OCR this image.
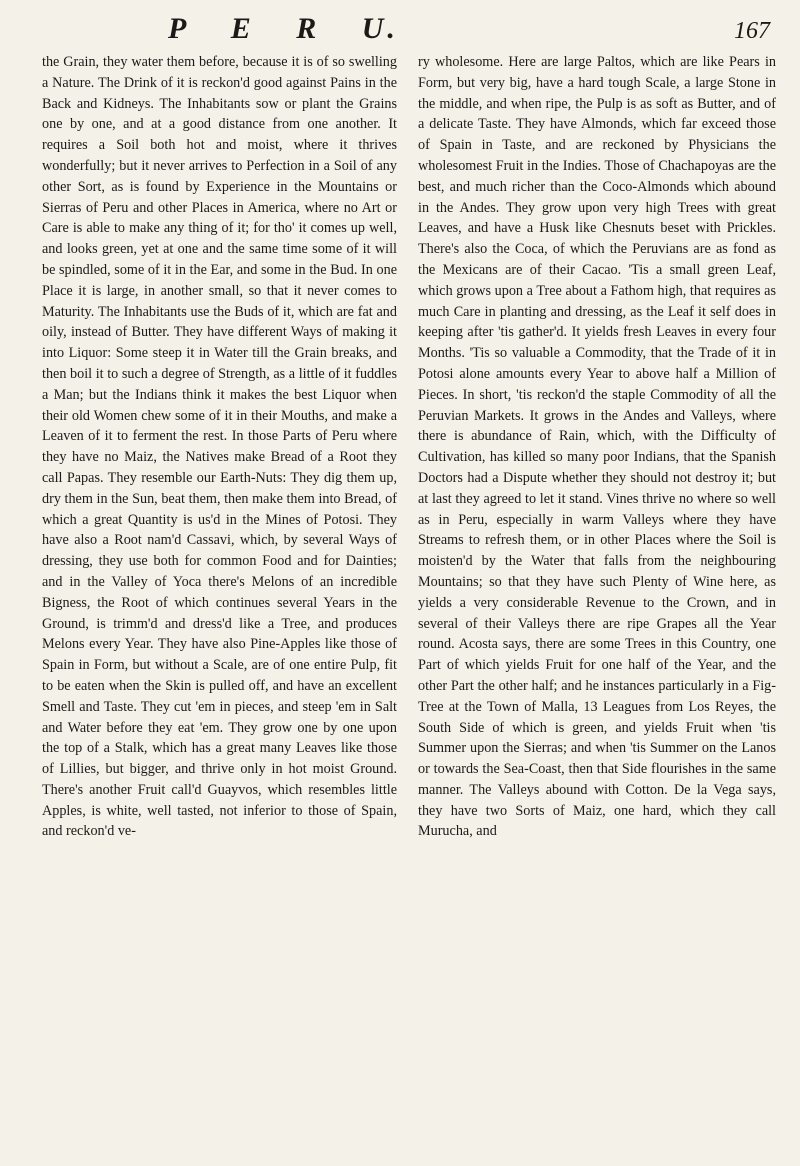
P E R U.	167

the Grain, they water them before, because it is of so swelling a Nature. The Drink of it is reckon'd good against Pains in the Back and Kidneys. The Inhabitants sow or plant the Grains one by one, and at a good distance from one another. It requires a Soil both hot and moist, where it thrives wonderfully; but it never arrives to Perfection in a Soil of any other Sort, as is found by Experience in the Mountains or Sierras of Peru and other Places in America, where no Art or Care is able to make any thing of it; for tho' it comes up well, and looks green, yet at one and the same time some of it will be spindled, some of it in the Ear, and some in the Bud. In one Place it is large, in another small, so that it never comes to Maturity. The Inhabitants use the Buds of it, which are fat and oily, instead of Butter. They have different Ways of making it into Liquor: Some steep it in Water till the Grain breaks, and then boil it to such a degree of Strength, as a little of it fuddles a Man; but the Indians think it makes the best Liquor when their old Women chew some of it in their Mouths, and make a Leaven of it to ferment the rest. In those Parts of Peru where they have no Maiz, the Natives make Bread of a Root they call Papas. They resemble our Earth-Nuts: They dig them up, dry them in the Sun, beat them, then make them into Bread, of which a great Quantity is us'd in the Mines of Potosi. They have also a Root nam'd Cassavi, which, by several Ways of dressing, they use both for common Food and for Dainties; and in the Valley of Yoca there's Melons of an incredible Bigness, the Root of which continues several Years in the Ground, is trimm'd and dress'd like a Tree, and produces Melons every Year. They have also Pine-Apples like those of Spain in Form, but without a Scale, are of one entire Pulp, fit to be eaten when the Skin is pulled off, and have an excellent Smell and Taste. They cut 'em in pieces, and steep 'em in Salt and Water before they eat 'em. They grow one by one upon the top of a Stalk, which has a great many Leaves like those of Lillies, but bigger, and thrive only in hot moist Ground. There's another Fruit call'd Guayvos, which resembles little Apples, is white, well tasted, not inferior to those of Spain, and reckon'd ve-

ry wholesome. Here are large Paltos, which are like Pears in Form, but very big, have a hard tough Scale, a large Stone in the middle, and when ripe, the Pulp is as soft as Butter, and of a delicate Taste. They have Almonds, which far exceed those of Spain in Taste, and are reckoned by Physicians the wholesomest Fruit in the Indies. Those of Chachapoyas are the best, and much richer than the Coco-Almonds which abound in the Andes. They grow upon very high Trees with great Leaves, and have a Husk like Chesnuts beset with Prickles. There's also the Coca, of which the Peruvians are as fond as the Mexicans are of their Cacao. 'Tis a small green Leaf, which grows upon a Tree about a Fathom high, that requires as much Care in planting and dressing, as the Leaf it self does in keeping after 'tis gather'd. It yields fresh Leaves in every four Months. 'Tis so valuable a Commodity, that the Trade of it in Potosi alone amounts every Year to above half a Million of Pieces. In short, 'tis reckon'd the staple Commodity of all the Peruvian Markets. It grows in the Andes and Valleys, where there is abundance of Rain, which, with the Difficulty of Cultivation, has killed so many poor Indians, that the Spanish Doctors had a Dispute whether they should not destroy it; but at last they agreed to let it stand. Vines thrive no where so well as in Peru, especially in warm Valleys where they have Streams to refresh them, or in other Places where the Soil is moisten'd by the Water that falls from the neighbouring Mountains; so that they have such Plenty of Wine here, as yields a very considerable Revenue to the Crown, and in several of their Valleys there are ripe Grapes all the Year round. Acosta says, there are some Trees in this Country, one Part of which yields Fruit for one half of the Year, and the other Part the other half; and he instances particularly in a Fig-Tree at the Town of Malla, 13 Leagues from Los Reyes, the South Side of which is green, and yields Fruit when 'tis Summer upon the Sierras; and when 'tis Summer on the Lanos or towards the Sea-Coast, then that Side flourishes in the same manner. The Valleys abound with Cotton. De la Vega says, they have two Sorts of Maiz, one hard, which they call Murucha, and
